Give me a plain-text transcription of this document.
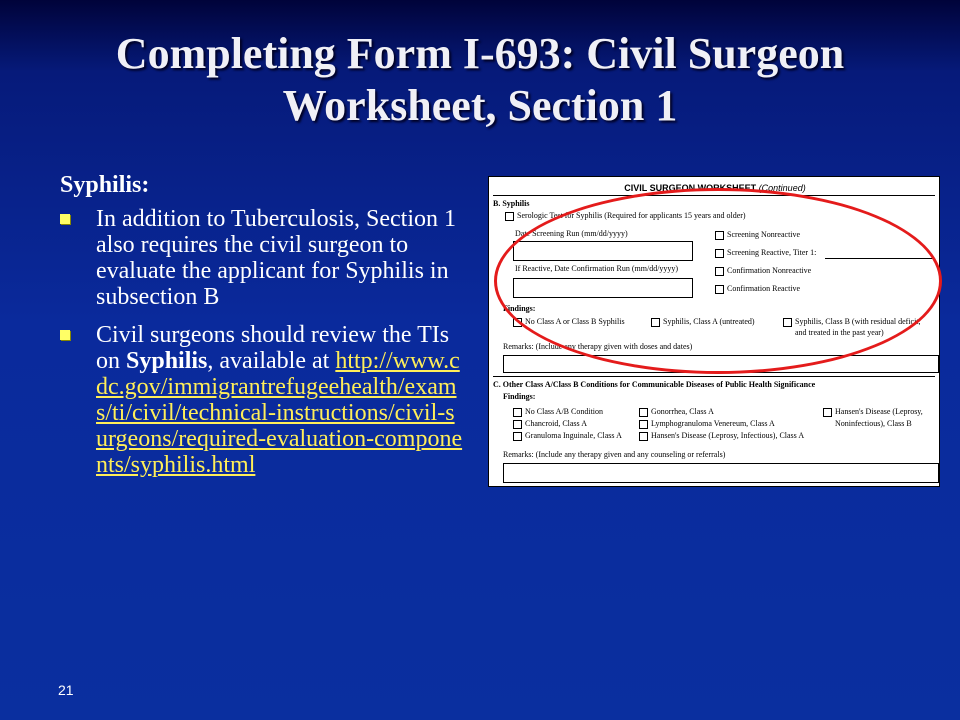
Completing Form I-693: Civil Surgeon Worksheet, Section 1
Syphilis:
In addition to Tuberculosis, Section 1 also requires the civil surgeon to evaluate the applicant for Syphilis in subsection B
Civil surgeons should review the TIs on Syphilis, available at http://www.cdc.gov/immigrantrefugeehealth/exams/ti/civil/technical-instructions/civil-surgeons/required-evaluation-components/syphilis.html
CIVIL SURGEON WORKSHEET (Continued)
B. Syphilis
Serologic Test for Syphilis (Required for applicants 15 years and older)
Date Screening Run (mm/dd/yyyy)
If Reactive, Date Confirmation Run (mm/dd/yyyy)
Screening Nonreactive
Screening Reactive, Titer 1:
Confirmation Nonreactive
Confirmation Reactive
Findings:
No Class A or Class B Syphilis	Syphilis, Class A (untreated)	Syphilis, Class B (with residual deficit,
and treated in the past year)
Remarks: (Include any therapy given with doses and dates)
C. Other Class A/Class B Conditions for Communicable Diseases of Public Health Significance
Findings:
No Class A/B Condition
Chancroid, Class A
Granuloma Inguinale, Class A
Gonorrhea, Class A
Lymphogranuloma Venereum, Class A
Hansen's Disease (Leprosy, Infectious), Class A
Hansen's Disease (Leprosy,
Noninfectious), Class B
Remarks: (Include any therapy given and any counseling or referrals)
21
